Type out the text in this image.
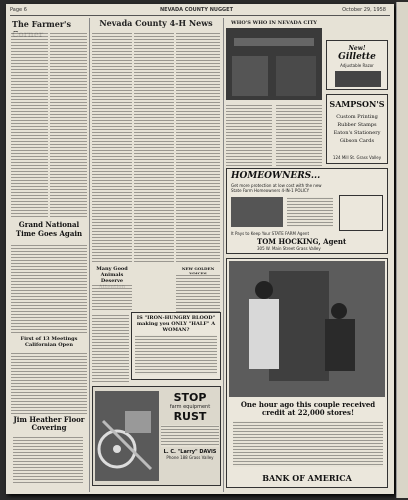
Page 6	NEVADA COUNTY NUGGET	October 29, 1958
The Farmer's
Grand National Time Goes Again
First of 13 Meetings Californian Open
Jim Heather Floor Covering
Nevada County 4-H News
Many Good Animals Deserve
NEW GOLDEN
IS "IRON-HUNGRY BLOOD" making you ONLY "HALF" A WOMAN?
STOP
farm equipment
RUST
L. C. "Larry" DAVIS
Phone 188 Grass Valley
WHO'S WHO IN NEVADA CITY
New!
Gillette
Adjustable Razor
SAMPSON'S
Custom Printing
Rubber Stamps
Eaton's Stationery
Gibson Cards
124 Mill St. Grass Valley
HOMEOWNERS...
Get more protection at low cost with the new State Farm Homeowners 4-IN-1 POLICY
It Pays to Keep Your STATE FARM Agent
TOM HOCKING, Agent
305 W. Main Street Grass Valley
One hour ago this couple received credit at 22,000 stores!
BANK OF AMERICA
